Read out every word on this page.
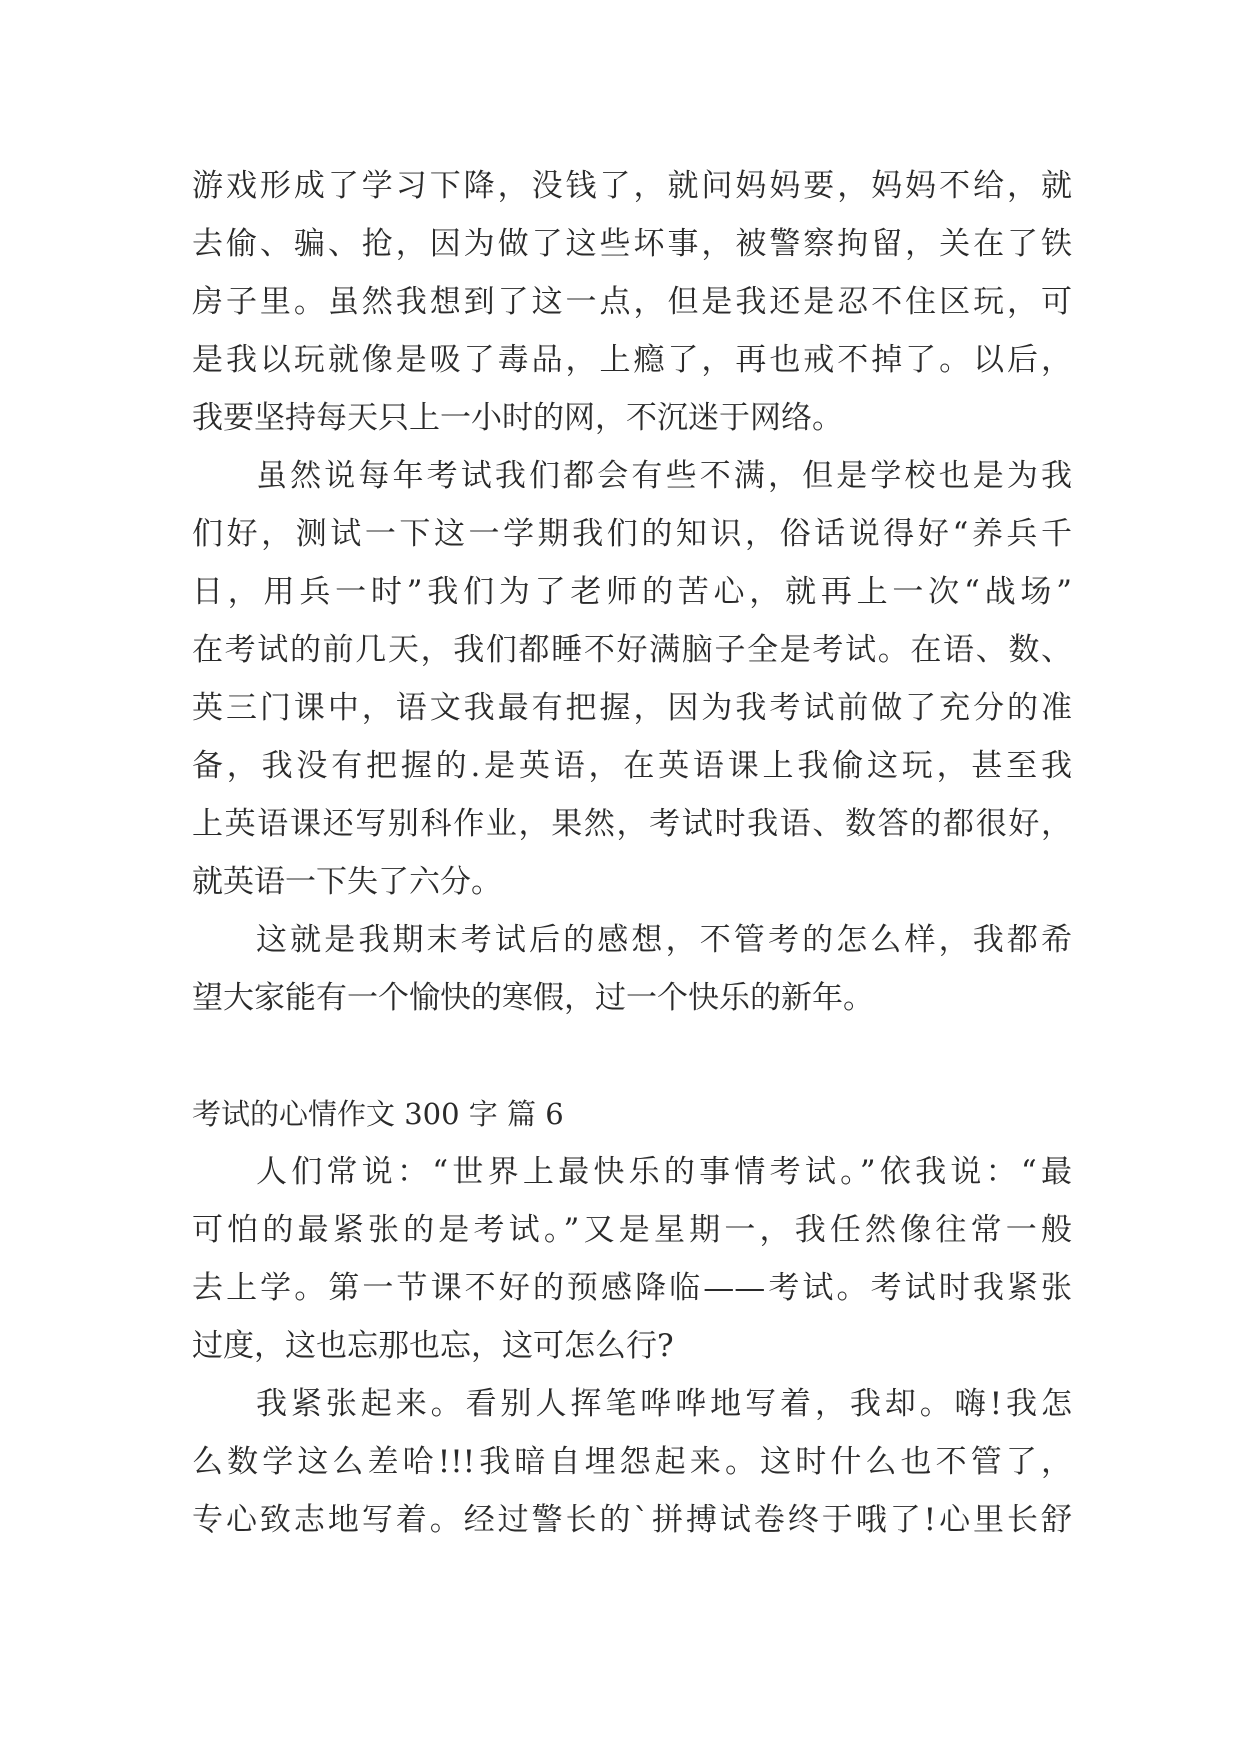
游戏形成了学习下降，没钱了，就问妈妈要，妈妈不给，就
去偷、骗、抢，因为做了这些坏事，被警察拘留，关在了铁
房子里。虽然我想到了这一点，但是我还是忍不住区玩，可
是我以玩就像是吸了毒品，上瘾了，再也戒不掉了。以后，
我要坚持每天只上一小时的网，不沉迷于网络。
虽然说每年考试我们都会有些不满，但是学校也是为我
们好，测试一下这一学期我们的知识，俗话说得好“养兵千
日，用兵一时”我们为了老师的苦心，就再上一次“战场”
在考试的前几天，我们都睡不好满脑子全是考试。在语、数、
英三门课中，语文我最有把握，因为我考试前做了充分的准
备，我没有把握的.是英语，在英语课上我偷这玩，甚至我
上英语课还写别科作业，果然，考试时我语、数答的都很好，
就英语一下失了六分。
这就是我期末考试后的感想，不管考的怎么样，我都希
望大家能有一个愉快的寒假，过一个快乐的新年。
考试的心情作文 300 字 篇 6
人们常说：“世界上最快乐的事情考试。”依我说：“最
可怕的最紧张的是考试。”又是星期一，我任然像往常一般
去上学。第一节课不好的预感降临——考试。考试时我紧张
过度，这也忘那也忘，这可怎么行?
我紧张起来。看别人挥笔哗哗地写着，我却。嗨!我怎
么数学这么差哈!!!我暗自埋怨起来。这时什么也不管了，
专心致志地写着。经过警长的`拼搏试卷终于哦了!心里长舒
